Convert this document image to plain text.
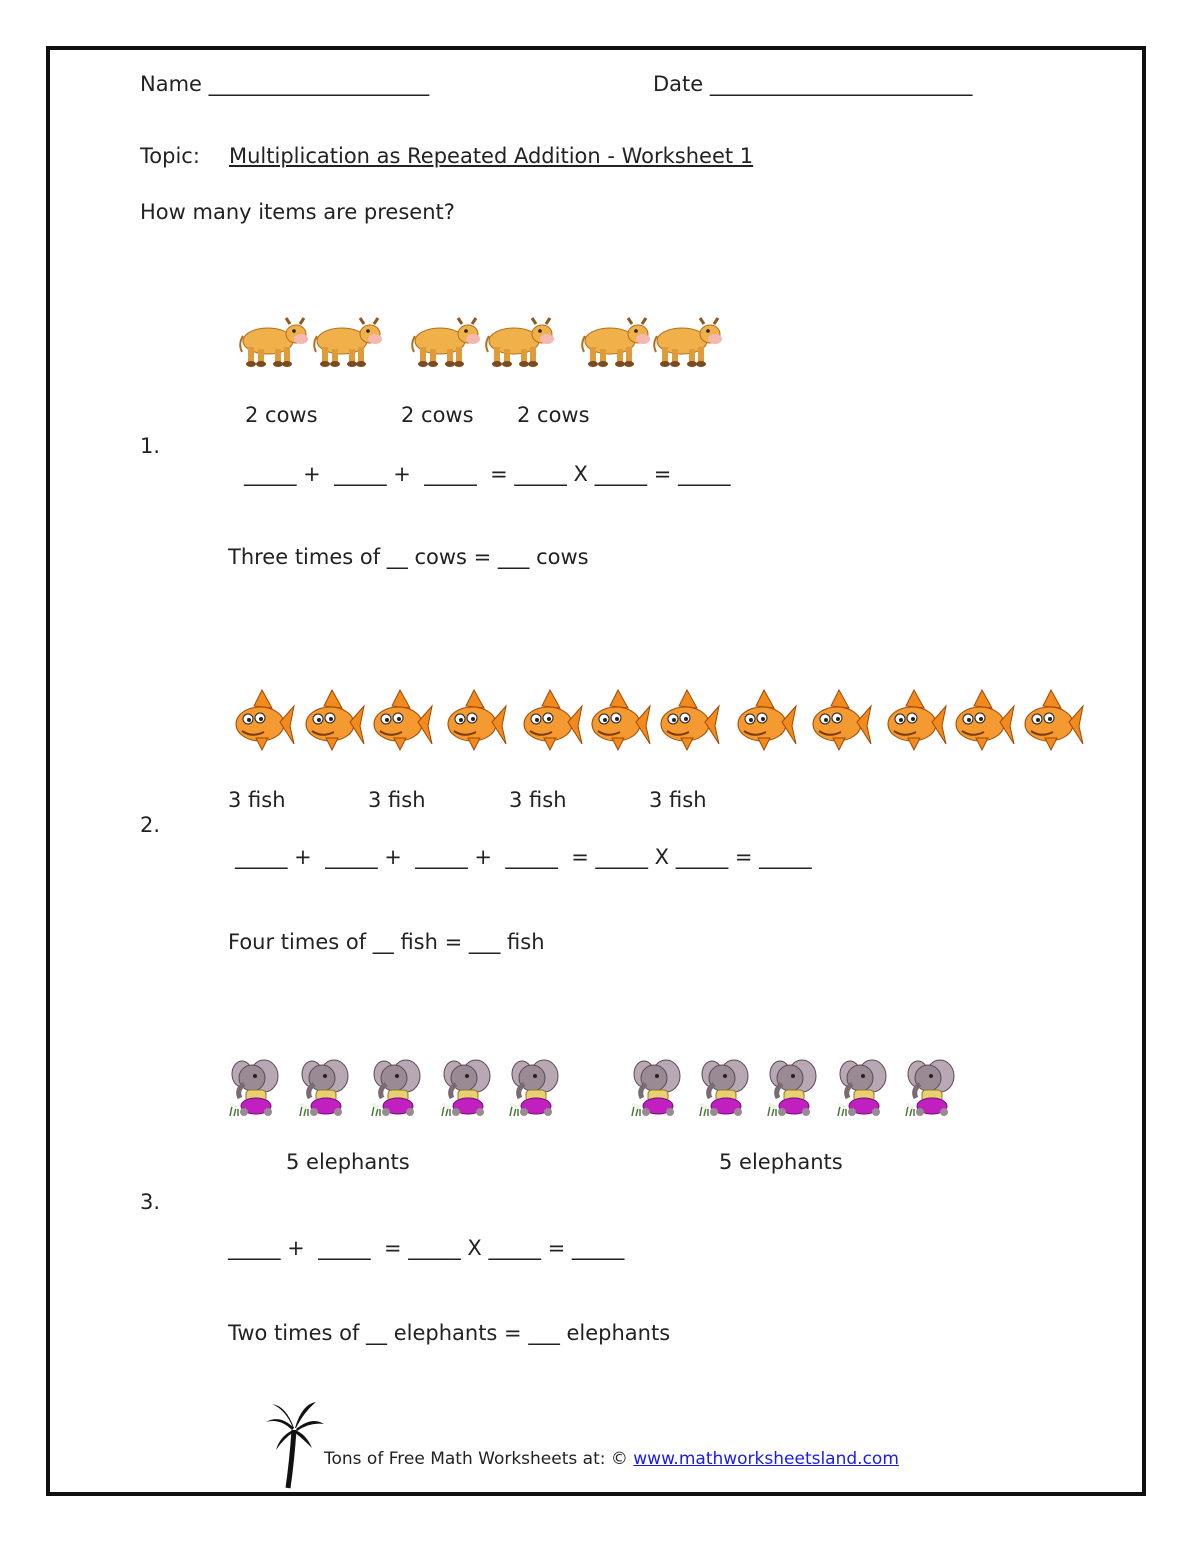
Name _____________________	Date _________________________
Topic: Multiplication as Repeated Addition - Worksheet 1
How many items are present?
2 cows	2 cows 2 cows
1.
_____ +  _____ +  _____  = _____ X _____ = _____
Three times of __ cows = ___ cows
3 fish	3 fish	3 fish	3 fish
2.
_____ +  _____ +  _____ +  _____  = _____ X _____ = _____
Four times of __ fish = ___ fish
5 elephants	5 elephants
3.
_____ +  _____  = _____ X _____ = _____
Two times of __ elephants = ___ elephants
Tons of Free Math Worksheets at: © www.mathworksheetsland.com
